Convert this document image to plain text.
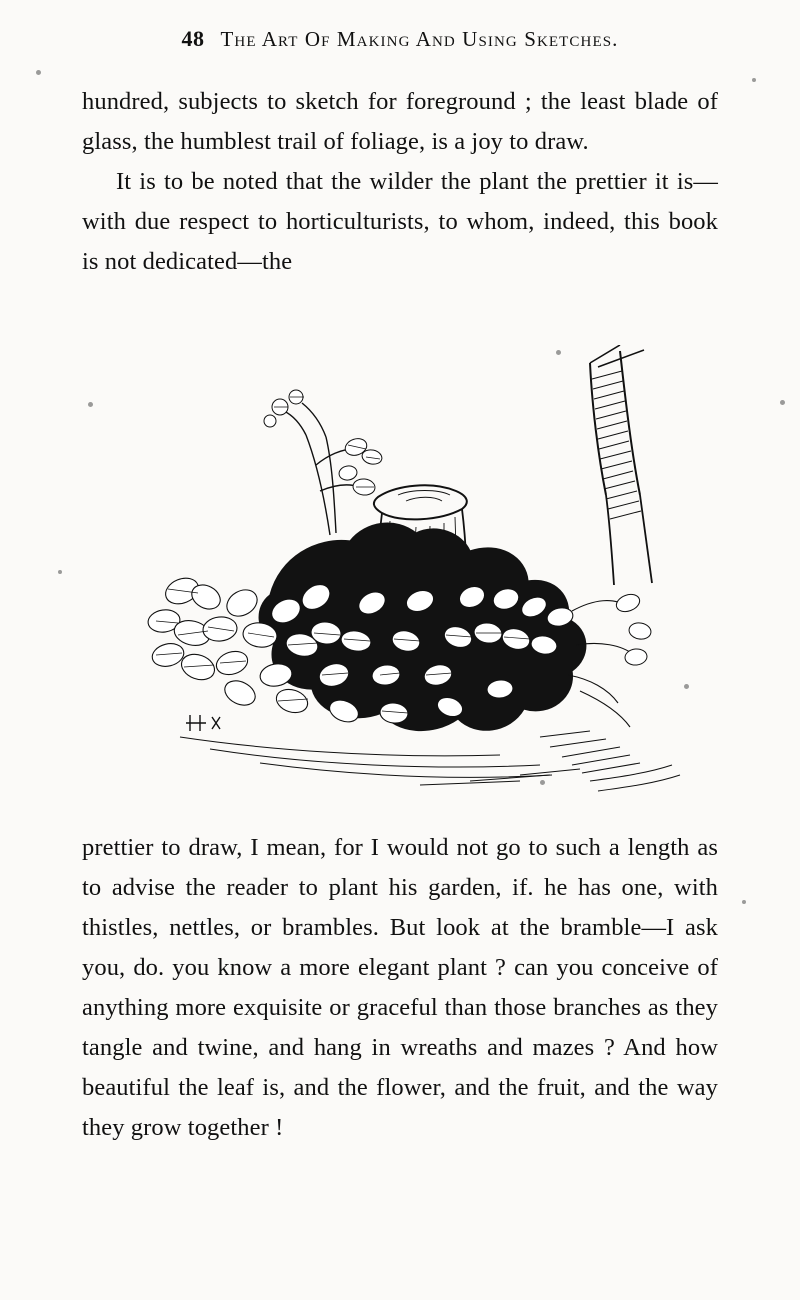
48 The Art Of Making And Using Sketches.

hundred, subjects to sketch for foreground ; the least blade of glass, the humblest trail of foliage, is a joy to draw.

It is to be noted that the wilder the plant the prettier it is—with due respect to horticulturists, to whom, indeed, this book is not dedicated—the

prettier to draw, I mean, for I would not go to such a length as to advise the reader to plant his garden, if. he has one, with thistles, nettles, or brambles. But look at the bramble—I ask you, do. you know a more elegant plant ? can you conceive of anything more exquisite or graceful than those branches as they tangle and twine, and hang in wreaths and mazes ? And how beautiful the leaf is, and the flower, and the fruit, and the way they grow together !
